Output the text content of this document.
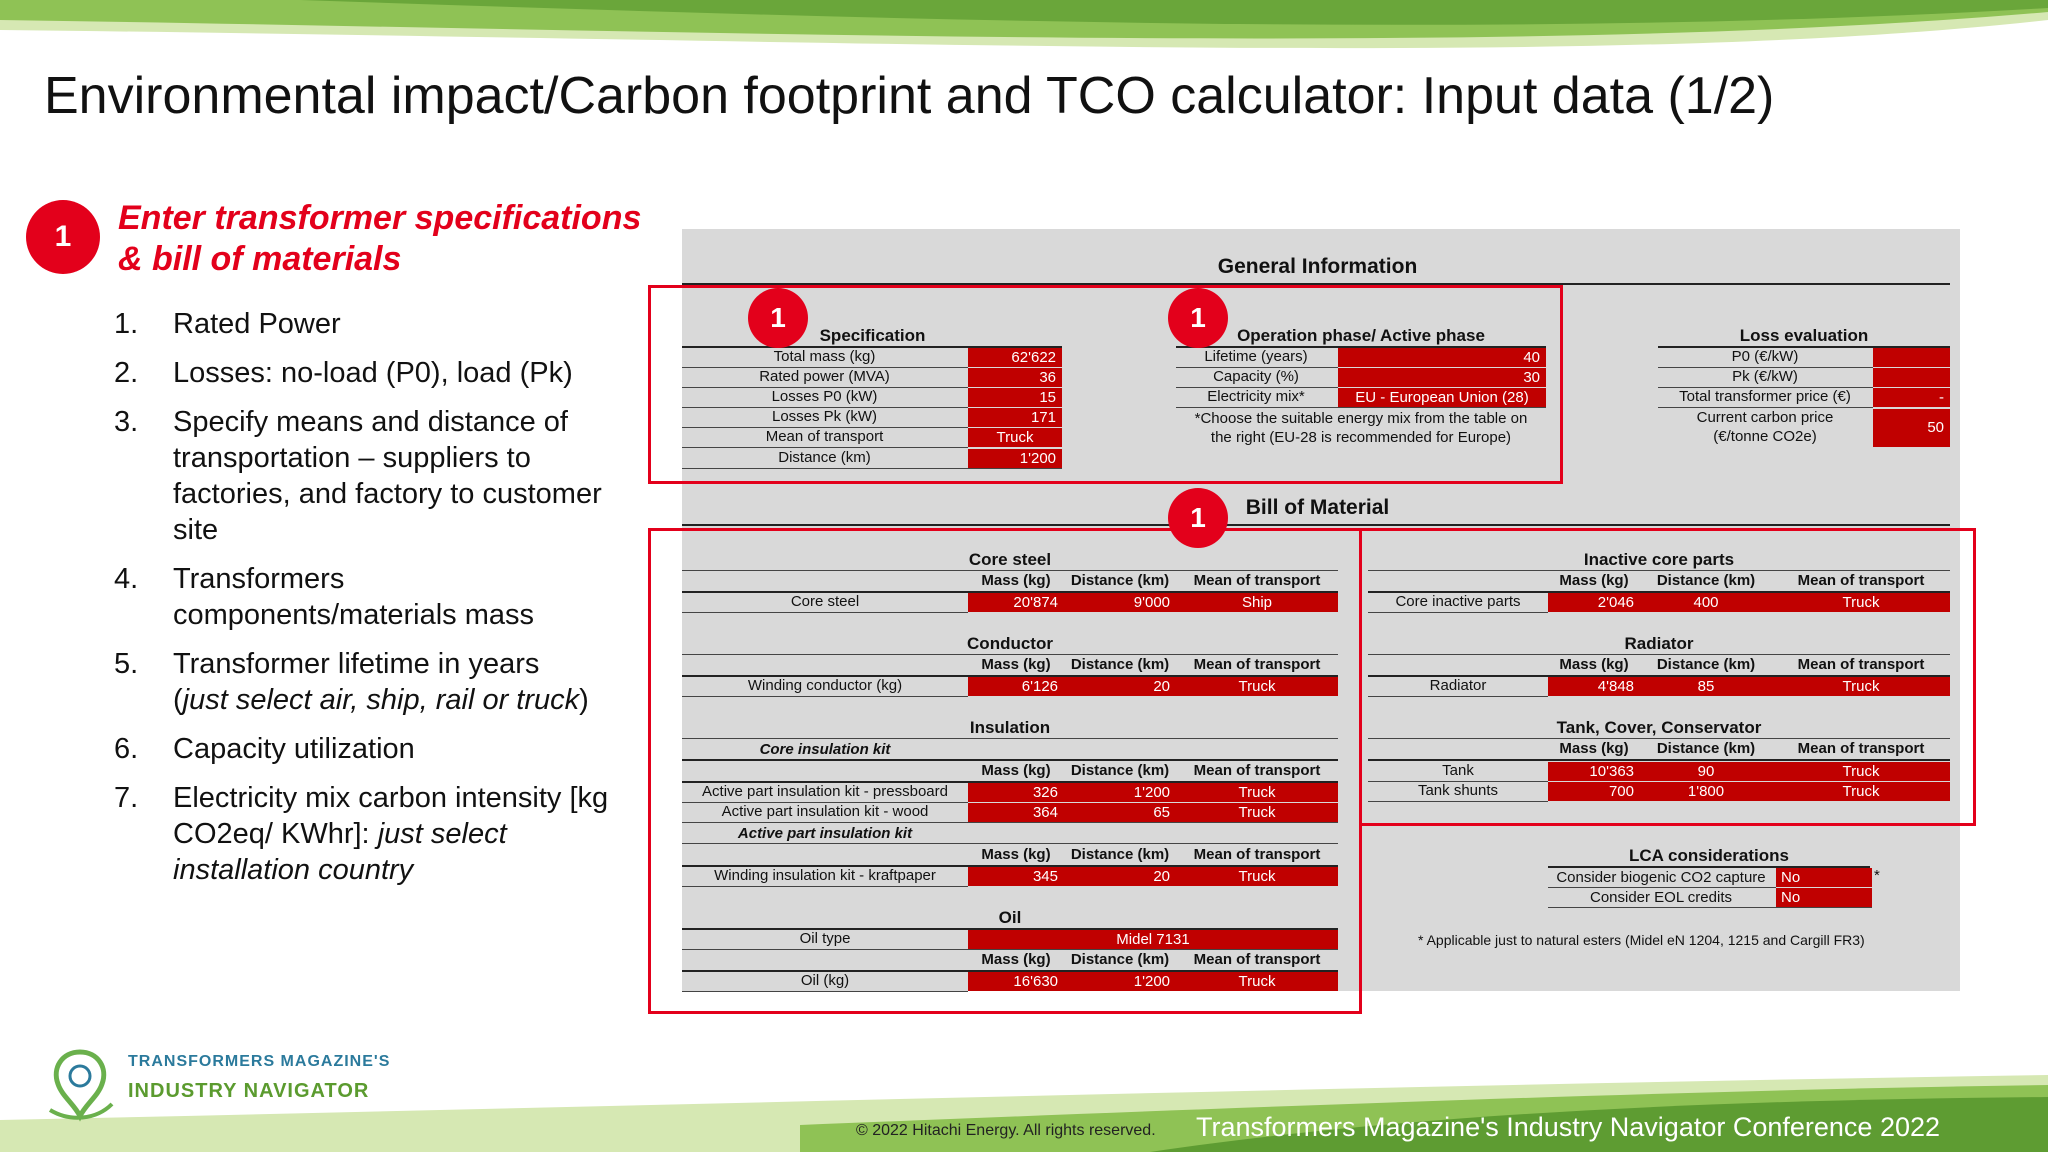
Environmental impact/Carbon footprint and TCO calculator: Input data (1/2)
1	Enter transformer specifications & bill of materials
1.	Rated Power
2.	Losses: no-load (P0), load (Pk)
3.	Specify means and distance of transportation – suppliers to factories, and factory to customer site
4.	Transformers components/materials mass
5.	Transformer lifetime in years
(just select air, ship, rail or truck)
6.	Capacity utilization
7.	Electricity mix carbon intensity [kg CO2eq/ KWhr]: just select installation country
General Information
Specification
Total mass (kg)	62'622
Rated power (MVA)	36
Losses P0 (kW)	15
Losses Pk (kW)	171
Mean of transport	Truck
Distance (km)	1'200
Operation phase/ Active phase
Lifetime (years)	40
Capacity (%)	30
Electricity mix*	EU - European Union (28)
*Choose the suitable energy mix from the table on
the right (EU-28 is recommended for Europe)
Loss evaluation
P0 (€/kW)
Pk (€/kW)
Total transformer price (€)	-
Current carbon price
(€/tonne CO2e)
50
Bill of Material
Core steel
Mass (kg)	Distance (km)	Mean of transport
Core steel	20'874	9'000	Ship
Conductor
Mass (kg)	Distance (km)	Mean of transport
Winding conductor (kg)	6'126	20	Truck
Insulation
Core insulation kit
Mass (kg)	Distance (km)	Mean of transport
Active part insulation kit - pressboard	326	1'200	Truck
Active part insulation kit - wood	364	65	Truck
Active part insulation kit
Mass (kg)	Distance (km)	Mean of transport
Winding insulation kit - kraftpaper	345	20	Truck
Oil
Oil type	Midel 7131
Mass (kg)	Distance (km)	Mean of transport
Oil (kg)	16'630	1'200	Truck
Inactive core parts
Mass (kg)	Distance (km)	Mean of transport
Core inactive parts	2'046	400	Truck
Radiator
Mass (kg)	Distance (km)	Mean of transport
Radiator	4'848	85	Truck
Tank, Cover, Conservator
Mass (kg)	Distance (km)	Mean of transport
Tank	10'363	90	Truck
Tank shunts	700	1'800	Truck
LCA considerations
Consider biogenic CO2 capture	No	*
Consider EOL credits	No
* Applicable just to natural esters (Midel eN 1204, 1215 and Cargill FR3)
1	1
1
TRANSFORMERS MAGAZINE'S
INDUSTRY NAVIGATOR
© 2022 Hitachi Energy. All rights reserved. Transformers Magazine's Industry Navigator Conference 2022
